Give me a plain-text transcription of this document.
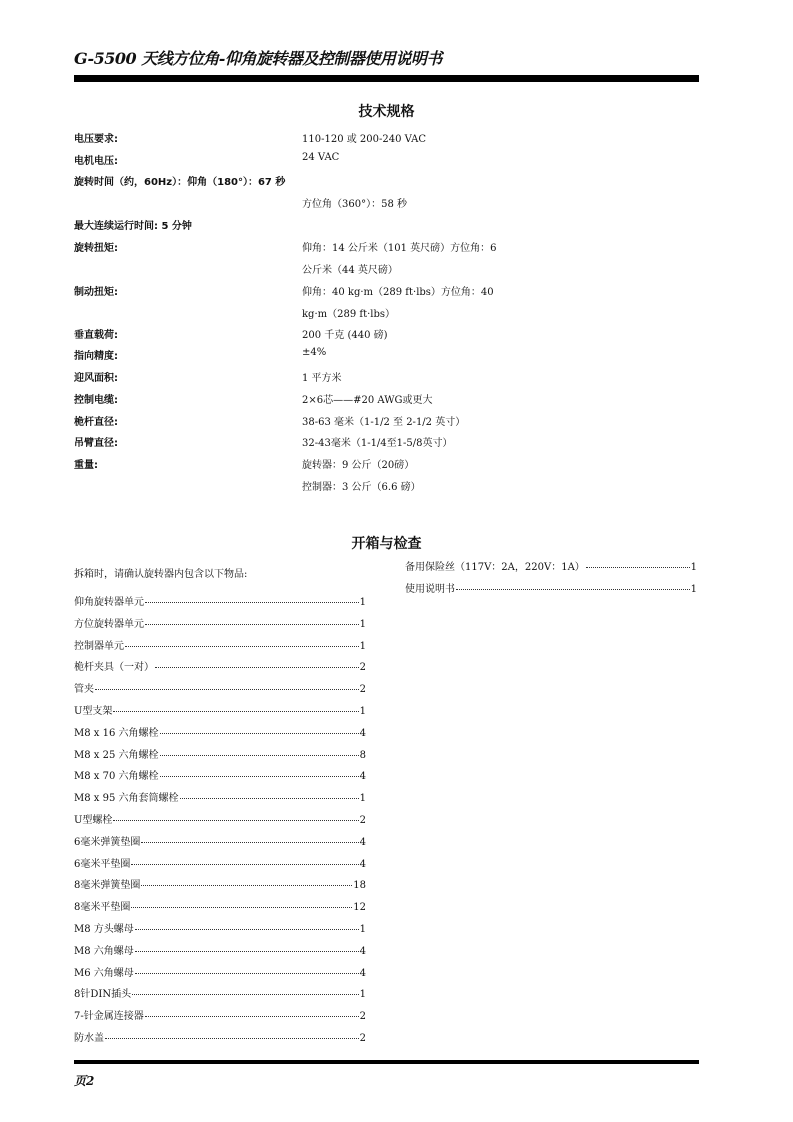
G-5500 天线方位角-仰角旋转器及控制器使用说明书
技术规格
电压要求:	110-120 或 200-240 VAC
电机电压:	24 VAC
旋转时间（约，60Hz）：仰角（180°）：67 秒
方位角（360°）：58 秒
最大连续运行时间: 5 分钟
旋转扭矩:	仰角：14 公斤米（101 英尺磅）方位角：6
公斤米（44 英尺磅）
制动扭矩:	仰角：40 kg·m（289 ft·lbs）方位角：40
kg·m（289 ft·lbs）
垂直载荷:	200 千克 (440 磅)
指向精度:	±4%
迎风面积:	1 平方米
控制电缆:	2×6芯——#20 AWG或更大
桅杆直径:	38-63 毫米（1-1/2 至 2-1/2 英寸）
吊臂直径:	32-43毫米（1-1/4至1-5/8英寸）
重量:	旋转器：9 公斤（20磅）
控制器：3 公斤（6.6 磅）
开箱与检查
拆箱时，请确认旋转器内包含以下物品:
仰角旋转器单元	1
方位旋转器单元	1
控制器单元	1
桅杆夹具（一对）	2
管夹	2
U型支架	1
M8 x 16 六角螺栓	4
M8 x 25 六角螺栓	8
M8 x 70 六角螺栓	4
M8 x 95 六角套筒螺栓	1
U型螺栓	2
6毫米弹簧垫圈	4
6毫米平垫圈	4
8毫米弹簧垫圈	18
8毫米平垫圈	12
M8 方头螺母	1
M8 六角螺母	4
M6 六角螺母	4
8针DIN插头	1
7-针金属连接器	2
防水盖	2
备用保险丝（117V：2A，220V：1A）	1
使用说明书	1
页2
